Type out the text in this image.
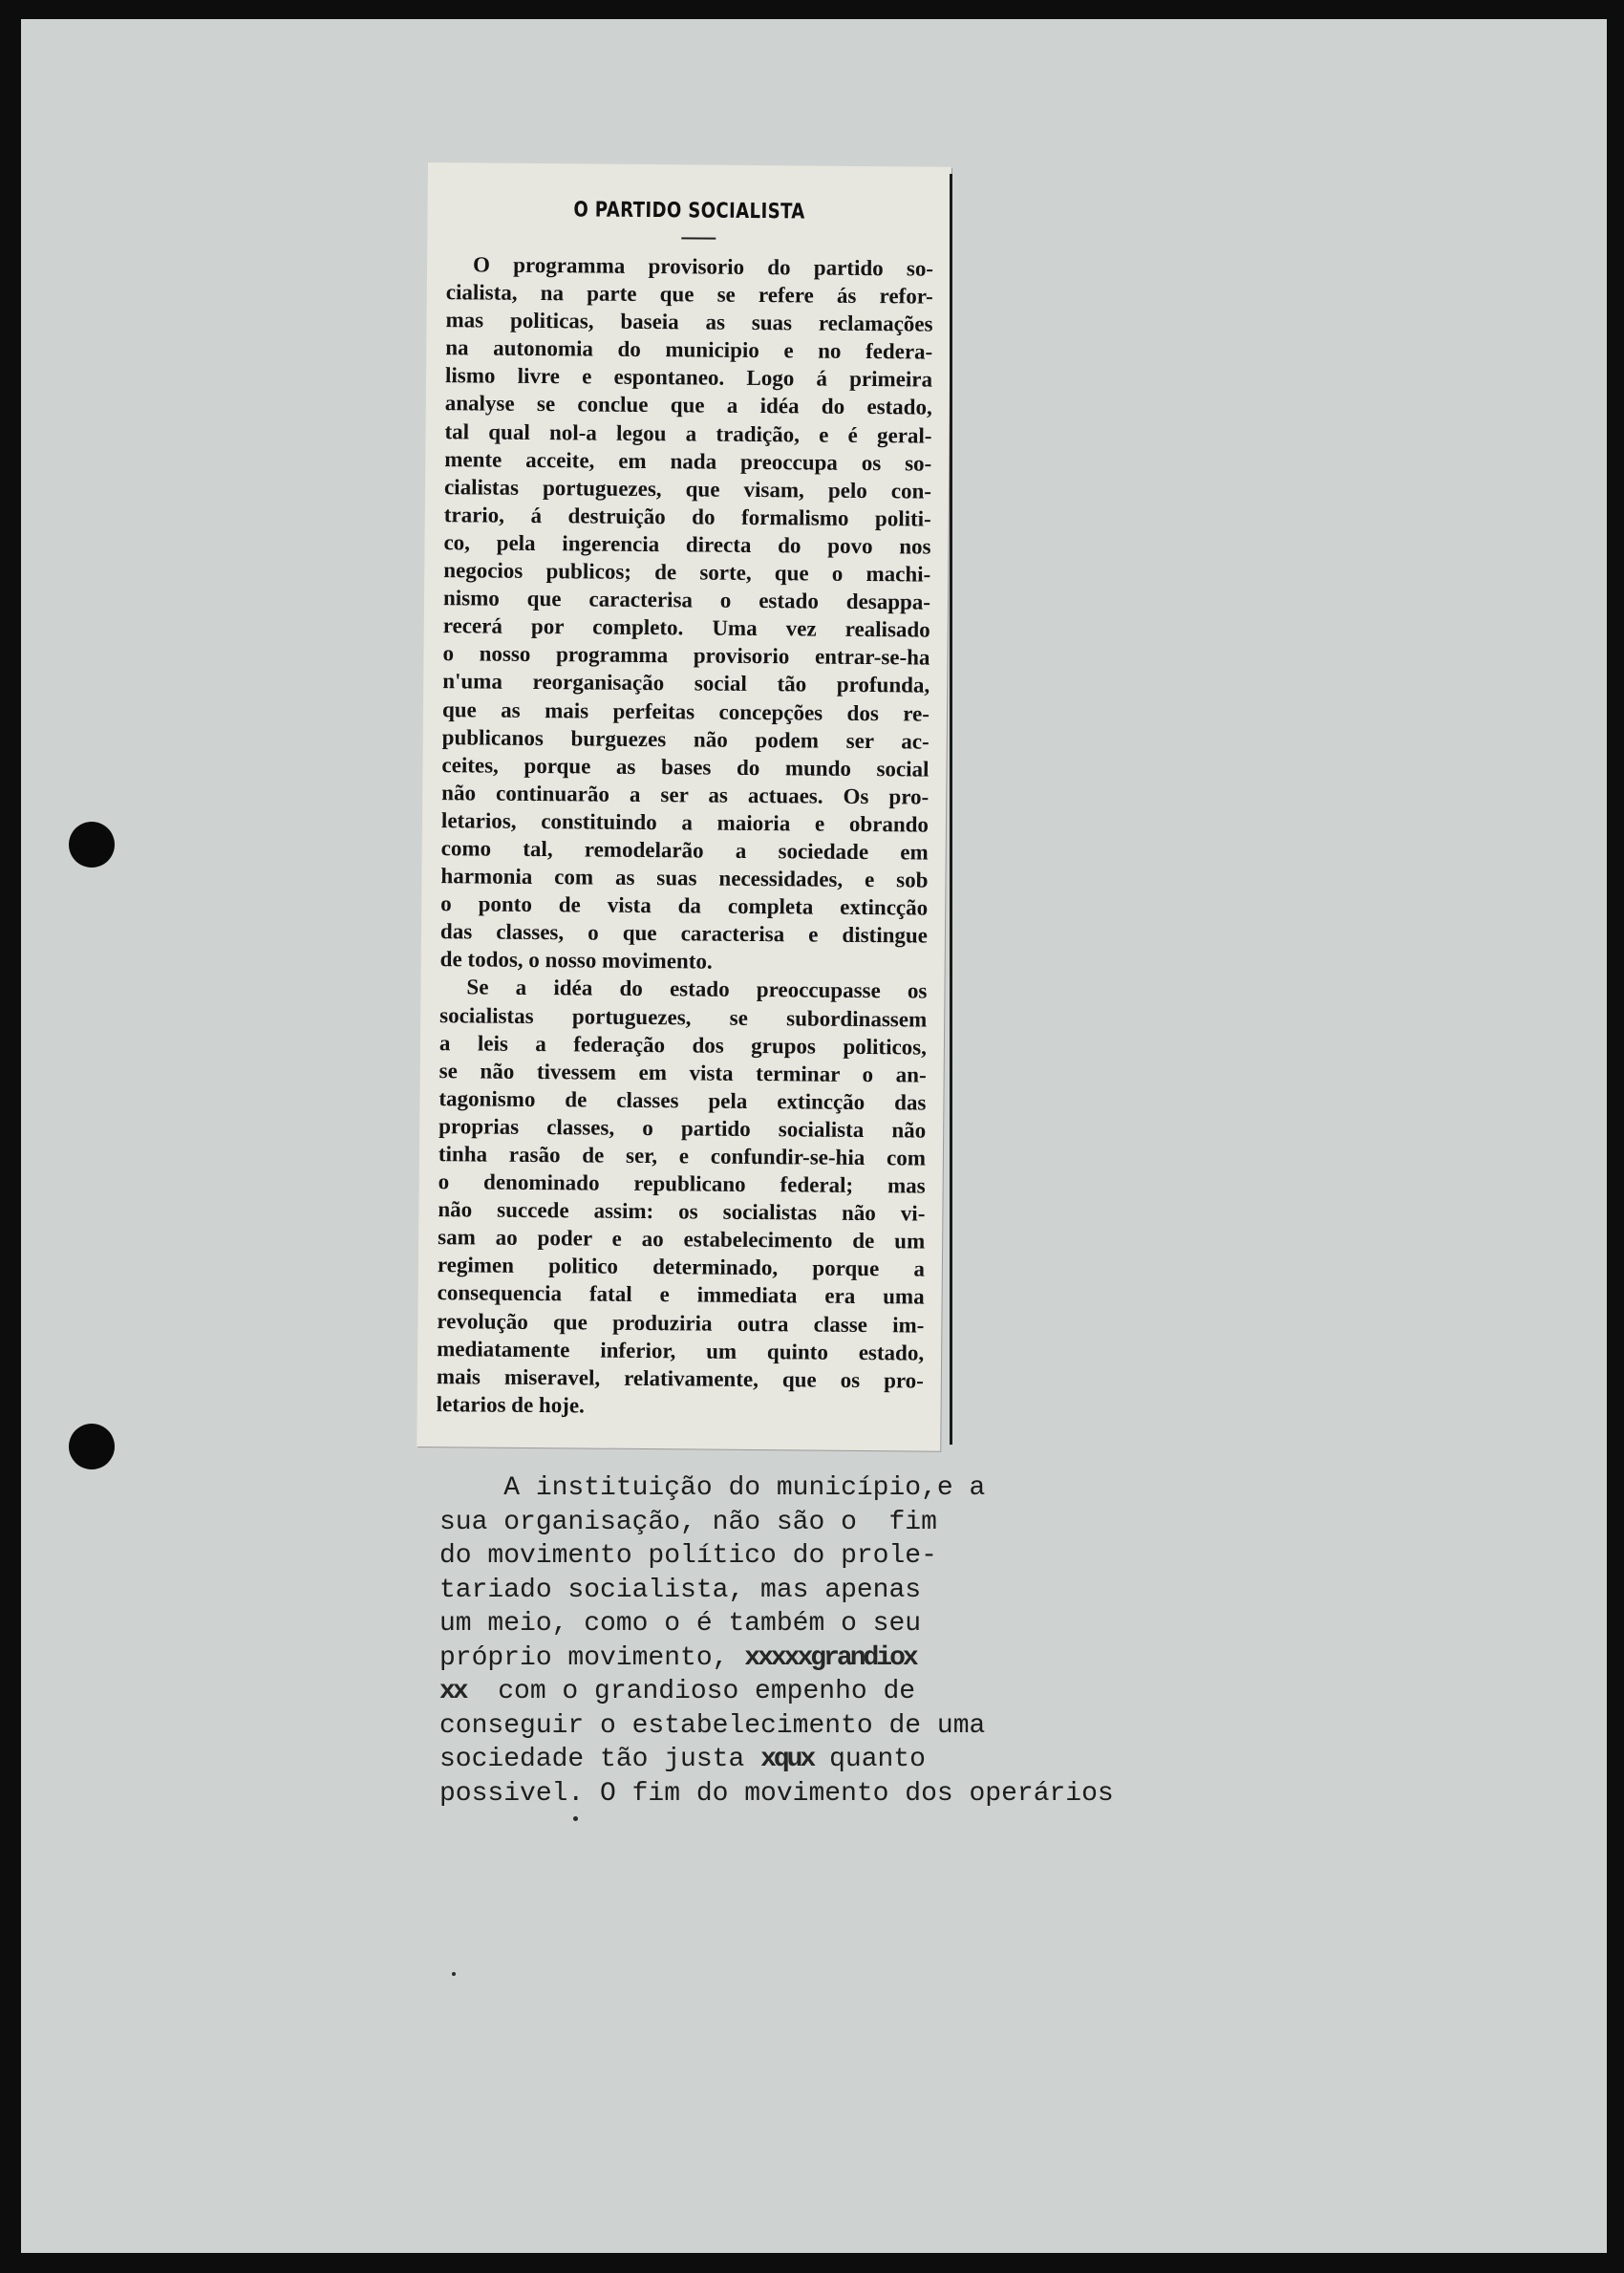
O PARTIDO SOCIALISTA
O programma provisorio do partido so-
cialista, na parte que se refere ás refor-
mas politicas, baseia as suas reclamações
na autonomia do municipio e no federa-
lismo livre e espontaneo. Logo á primeira
analyse se conclue que a idéa do estado,
tal qual nol-a legou a tradição, e é geral-
mente acceite, em nada preoccupa os so-
cialistas portuguezes, que visam, pelo con-
trario, á destruição do formalismo politi-
co, pela ingerencia directa do povo nos
negocios publicos; de sorte, que o machi-
nismo que caracterisa o estado desappa-
recerá por completo. Uma vez realisado
o nosso programma provisorio entrar-se-ha
n'uma reorganisação social tão profunda,
que as mais perfeitas concepções dos re-
publicanos burguezes não podem ser ac-
ceites, porque as bases do mundo social
não continuarão a ser as actuaes. Os pro-
letarios, constituindo a maioria e obrando
como tal, remodelarão a sociedade em
harmonia com as suas necessidades, e sob
o ponto de vista da completa extincção
das classes, o que caracterisa e distingue
de todos, o nosso movimento.
Se a idéa do estado preoccupasse os
socialistas portuguezes, se subordinassem
a leis a federação dos grupos politicos,
se não tivessem em vista terminar o an-
tagonismo de classes pela extincção das
proprias classes, o partido socialista não
tinha rasão de ser, e confundir-se-hia com
o denominado republicano federal; mas
não succede assim: os socialistas não vi-
sam ao poder e ao estabelecimento de um
regimen politico determinado, porque a
consequencia fatal e immediata era uma
revolução que produziria outra classe im-
mediatamente inferior, um quinto estado,
mais miseravel, relativamente, que os pro-
letarios de hoje.
A instituição do município,e a
sua organisação, não são o  fim
do movimento político do prole-
tariado socialista, mas apenas
um meio, como o é também o seu
próprio movimento, xxxxxgrandiox
xx  com o grandioso empenho de
conseguir o estabelecimento de uma
sociedade tão justa xqux quanto
possivel. O fim do movimento dos operários
